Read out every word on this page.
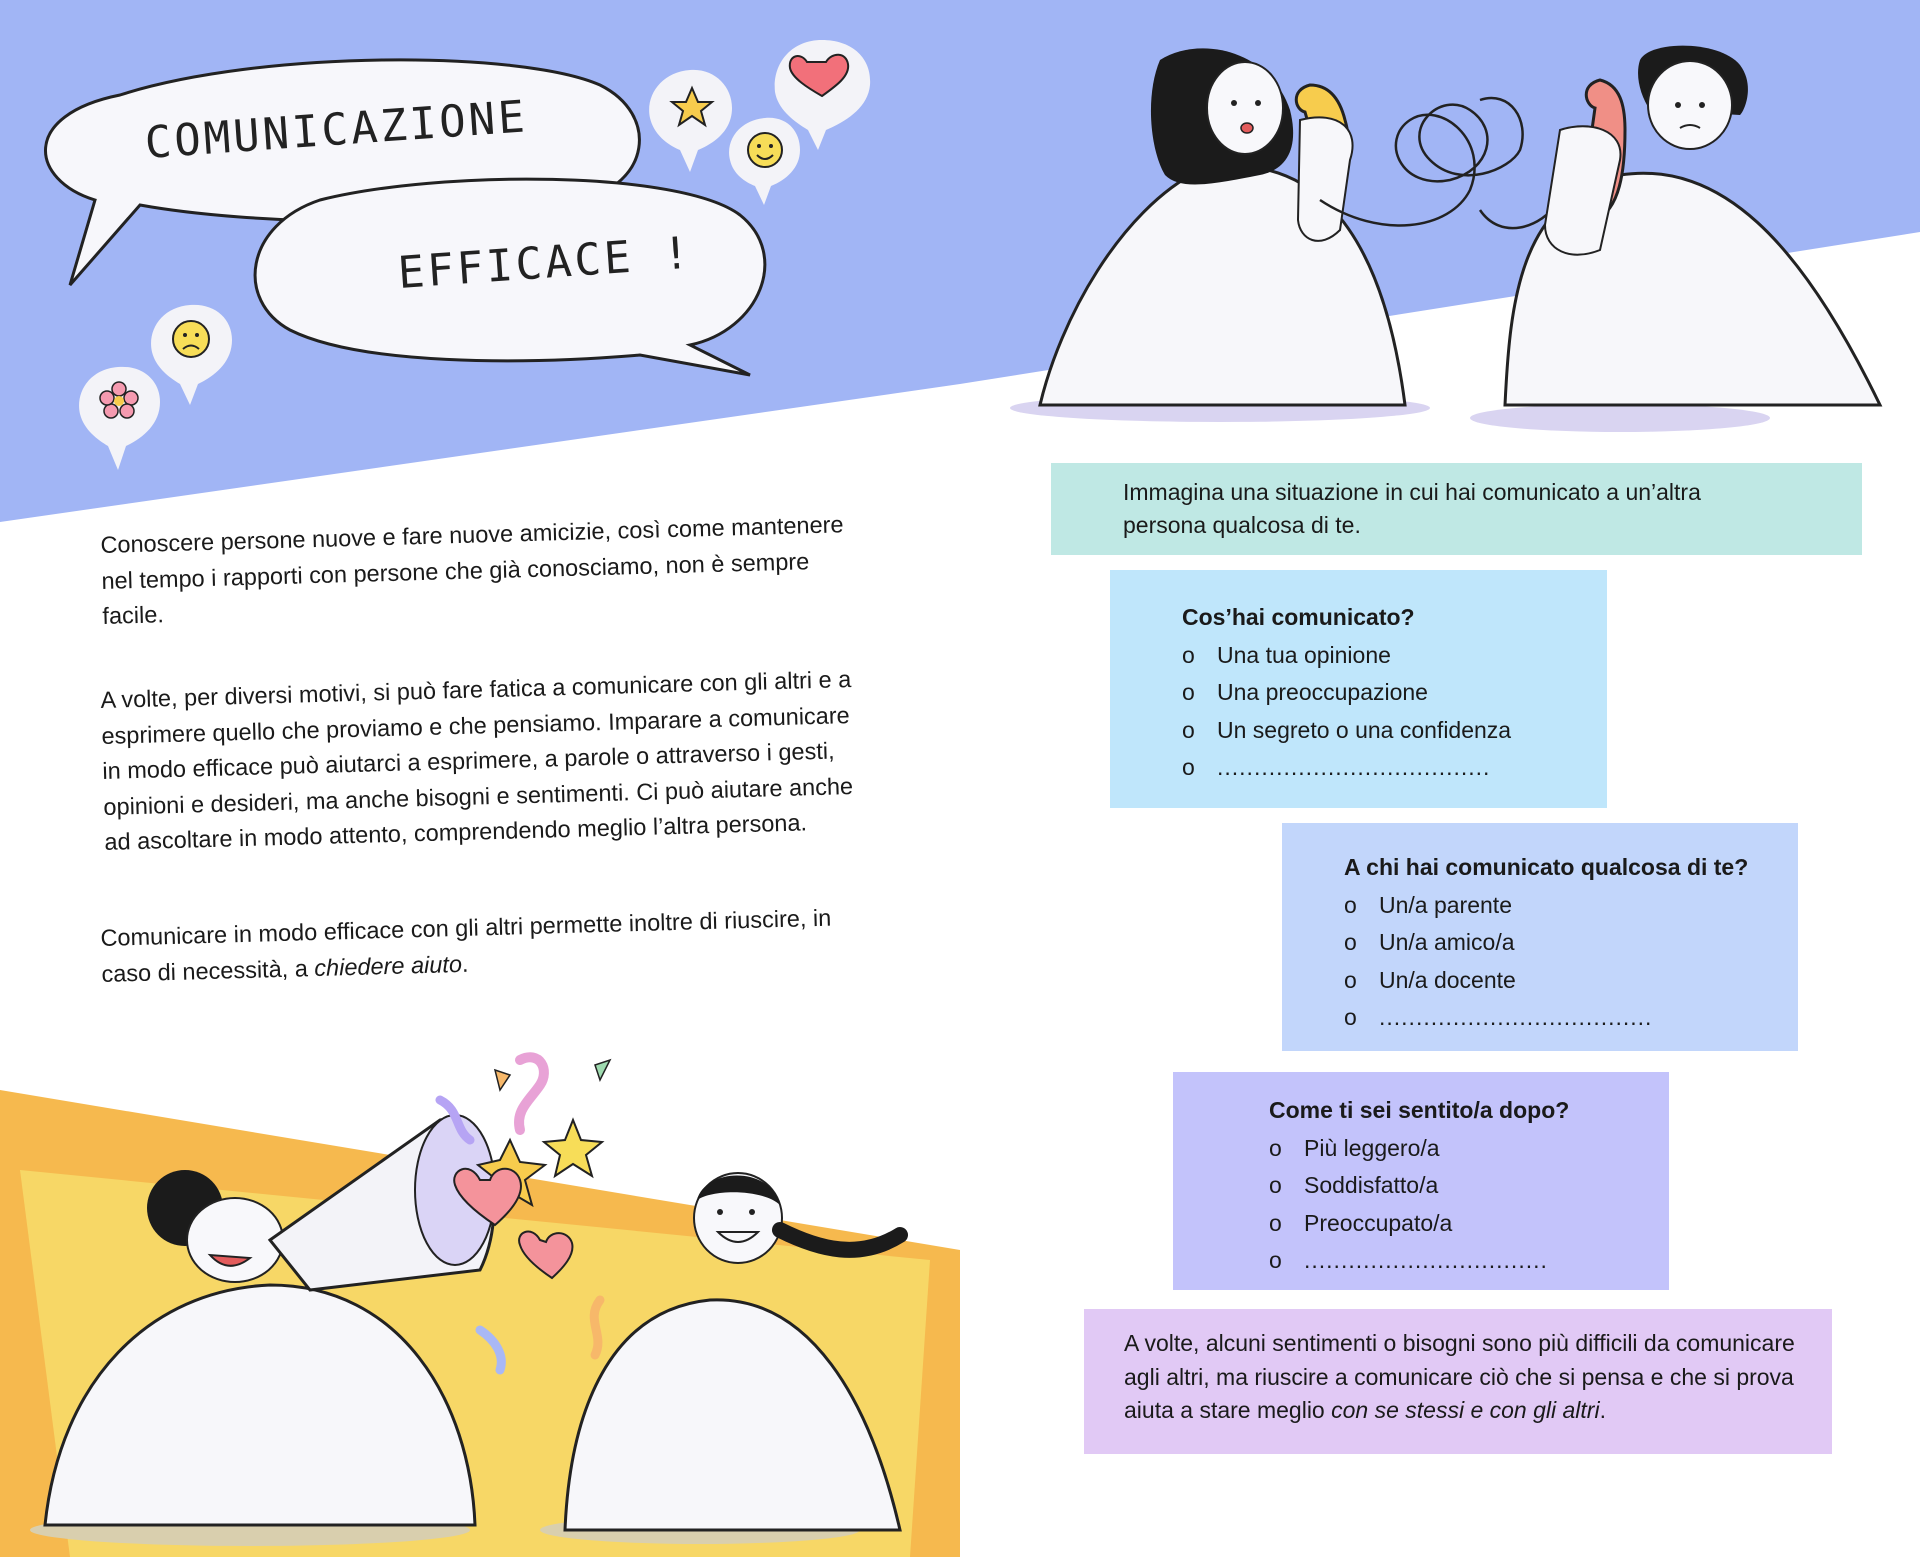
COMUNICAZIONE
EFFICACE !

Conoscere persone nuove e fare nuove amicizie, così come mantenere nel tempo i rapporti con persone che già conosciamo, non è sempre facile.

A volte, per diversi motivi, si può fare fatica a comunicare con gli altri e a esprimere quello che proviamo e che pensiamo. Imparare a comunicare in modo efficace può aiutarci a esprimere, a parole o attraverso i gesti, opinioni e desideri, ma anche bisogni e sentimenti. Ci può aiutare anche ad ascoltare in modo attento, comprendendo meglio l’altra persona.

Comunicare in modo efficace con gli altri permette inoltre di riuscire, in caso di necessità, a chiedere aiuto.

Immagina una situazione in cui hai comunicato a un’altra persona qualcosa di te.

Cos’hai comunicato?
o Una tua opinione
o Una preoccupazione
o Un segreto o una confidenza
o .....................................
A chi hai comunicato qualcosa di te?
o Un/a parente
o Un/a amico/a
o Un/a docente
o .....................................
Come ti sei sentito/a dopo?
o Più leggero/a
o Soddisfatto/a
o Preoccupato/a
o .................................

A volte, alcuni sentimenti o bisogni sono più difficili da comunicare agli altri, ma riuscire a comunicare ciò che si pensa e che si prova aiuta a stare meglio con se stessi e con gli altri.
